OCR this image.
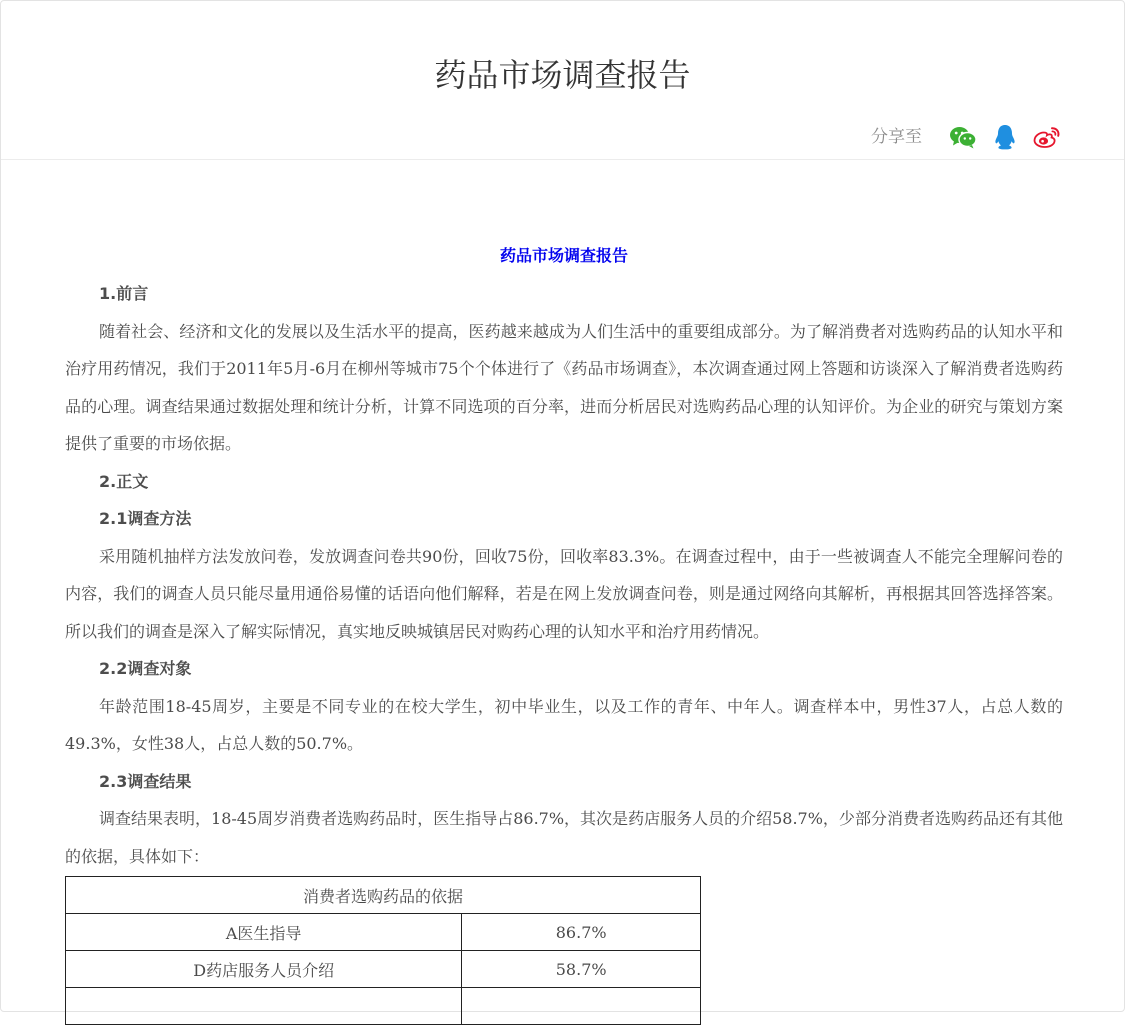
药品市场调查报告
分享至

药品市场调查报告

1.前言

随着社会、经济和文化的发展以及生活水平的提高，医药越来越成为人们生活中的重要组成部分。为了解消费者对选购药品的认知水平和治疗用药情况，我们于2011年5月-6月在柳州等城市75个个体进行了《药品市场调查》，本次调查通过网上答题和访谈深入了解消费者选购药品的心理。调查结果通过数据处理和统计分析，计算不同选项的百分率，进而分析居民对选购药品心理的认知评价。为企业的研究与策划方案提供了重要的市场依据。

2.正文

2.1调查方法

采用随机抽样方法发放问卷，发放调查问卷共90份，回收75份，回收率83.3%。在调查过程中，由于一些被调查人不能完全理解问卷的内容，我们的调查人员只能尽量用通俗易懂的话语向他们解释，若是在网上发放调查问卷，则是通过网络向其解析，再根据其回答选择答案。所以我们的调查是深入了解实际情况，真实地反映城镇居民对购药心理的认知水平和治疗用药情况。

2.2调查对象

年龄范围18-45周岁，主要是不同专业的在校大学生，初中毕业生，以及工作的青年、中年人。调查样本中，男性37人，占总人数的49.3%，女性38人，占总人数的50.7%。

2.3调查结果

调查结果表明，18-45周岁消费者选购药品时，医生指导占86.7%，其次是药店服务人员的介绍58.7%，少部分消费者选购药品还有其他的依据，具体如下：

消费者选购药品的依据	
A医生指导	86.7%
D药店服务人员介绍	58.7%
